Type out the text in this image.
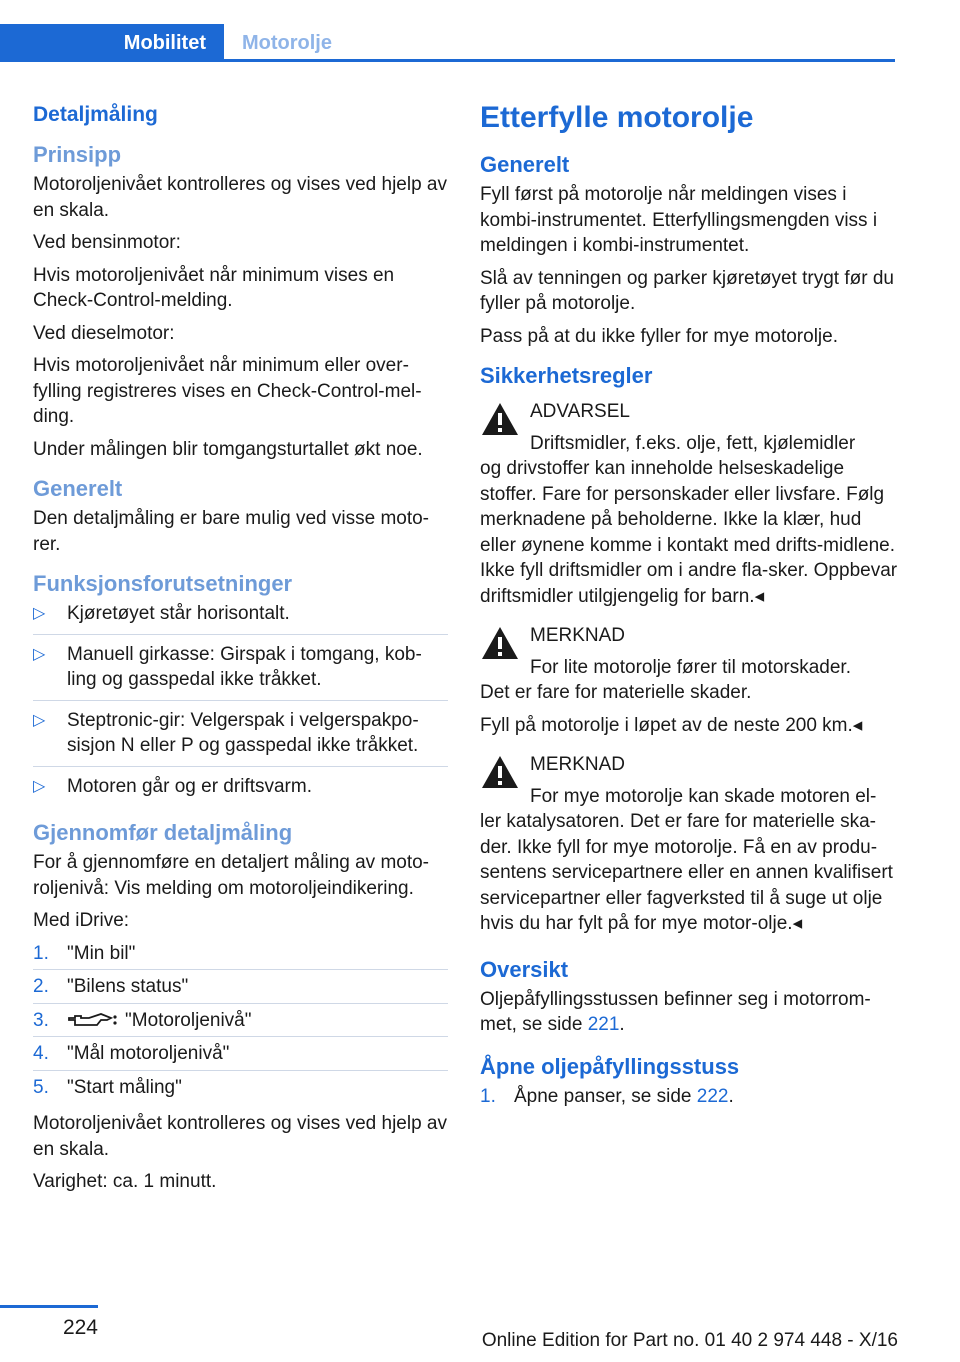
Mobilitet	Motorolje
Detaljmåling
Prinsipp

Motoroljenivået kontrolleres og vises ved hjelp av en skala.

Ved bensinmotor:

Hvis motoroljenivået når minimum vises en Check-Control-melding.

Ved dieselmotor:

Hvis motoroljenivået når minimum eller over-fylling registreres vises en Check-Control-mel-ding.

Under målingen blir tomgangsturtallet økt noe.

Generelt

Den detaljmåling er bare mulig ved visse moto-rer.

Funksjonsforutsetninger
▷ Kjøretøyet står horisontalt.
▷ Manuell girkasse: Girspak i tomgang, kob-ling og gasspedal ikke tråkket.
▷ Steptronic-gir: Velgerspak i velgerspakpo-sisjon N eller P og gasspedal ikke tråkket.
▷ Motoren går og er driftsvarm.
Gjennomfør detaljmåling

For å gjennomføre en detaljert måling av moto-roljenivå: Vis melding om motoroljeindikering.

Med iDrive:

1. "Min bil"
2. "Bilens status"
3.	"Motoroljenivå"
4. "Mål motoroljenivå"
5. "Start måling"

Motoroljenivået kontrolleres og vises ved hjelp av en skala.

Varighet: ca. 1 minutt.

Etterfylle motorolje
Generelt

Fyll først på motorolje når meldingen vises i kombi-instrumentet. Etterfyllingsmengden viss i meldingen i kombi-instrumentet.

Slå av tenningen og parker kjøretøyet trygt før du fyller på motorolje.

Pass på at du ikke fyller for mye motorolje.

Sikkerhetsregler
ADVARSEL
Driftsmidler, f.eks. olje, fett, kjølemidler
og drivstoffer kan inneholde helseskadelige stoffer. Fare for personskader eller livsfare. Følg merknadene på beholderne. Ikke la klær, hud eller øynene komme i kontakt med drifts-midlene. Ikke fyll driftsmidler om i andre fla-sker. Oppbevar driftsmidler utilgjengelig for barn.◂
MERKNAD
For lite motorolje fører til motorskader.
Det er fare for materielle skader.

Fyll på motorolje i løpet av de neste 200 km.◂

MERKNAD
For mye motorolje kan skade motoren el-
ler katalysatoren. Det er fare for materielle ska-der. Ikke fyll for mye motorolje. Få en av produ-sentens servicepartnere eller en annen kvalifisert servicepartner eller fagverksted til å suge ut olje hvis du har fylt på for mye motor-olje.◂
Oversikt

Oljepåfyllingsstussen befinner seg i motorrom-met, se side 221.

Åpne oljepåfyllingsstuss
1. Åpne panser, se side 222.
224
Online Edition for Part no. 01 40 2 974 448 - X/16
